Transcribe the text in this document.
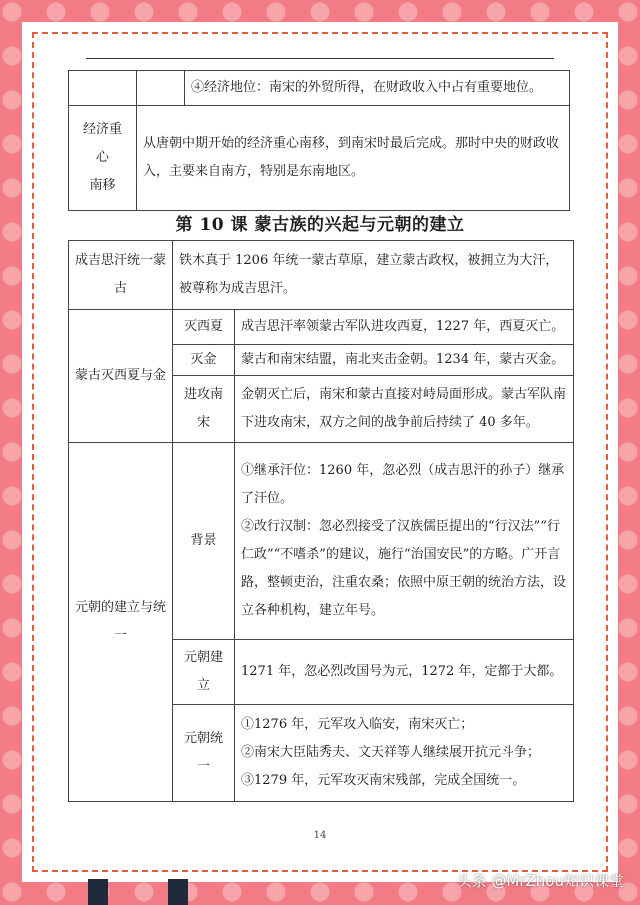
		④经济地位：南宋的外贸所得，在财政收入中占有重要地位。

经济重
心
南移	从唐朝中期开始的经济重心南移，到南宋时最后完成。那时中央的财政收入，主要来自南方，特别是东南地区。	
第 10 课 蒙古族的兴起与元朝的建立
成吉思汗统一蒙古	铁木真于 1206 年统一蒙古草原，建立蒙古政权，被拥立为大汗，被尊称为成吉思汗。	
蒙古灭西夏与金	灭西夏	成吉思汗率领蒙古军队进攻西夏，1227 年，西夏灭亡。
	灭金	蒙古和南宋结盟，南北夹击金朝。1234 年，蒙古灭金。
	进攻南宋	金朝灭亡后，南宋和蒙古直接对峙局面形成。蒙古军队南下进攻南宋，双方之间的战争前后持续了 40 多年。
元朝的建立与统一	背景	①继承汗位：1260 年，忽必烈（成吉思汗的孙子）继承了汗位。
②改行汉制：忽必烈接受了汉族儒臣提出的“行汉法”“行仁政”“不嗜杀”的建议，施行“治国安民”的方略。广开言路，整顿吏治，注重农桑；依照中原王朝的统治方法，设立各种机构，建立年号。

	元朝建立	1271 年，忽必烈改国号为元，1272 年，定都于大都。
	元朝统一	①1276 年，元军攻入临安，南宋灭亡；
②南宋大臣陆秀夫、文天祥等人继续展开抗元斗争；
③1279 年，元军攻灭南宋残部，完成全国统一。
14
头条 @MrZhou知识课堂
